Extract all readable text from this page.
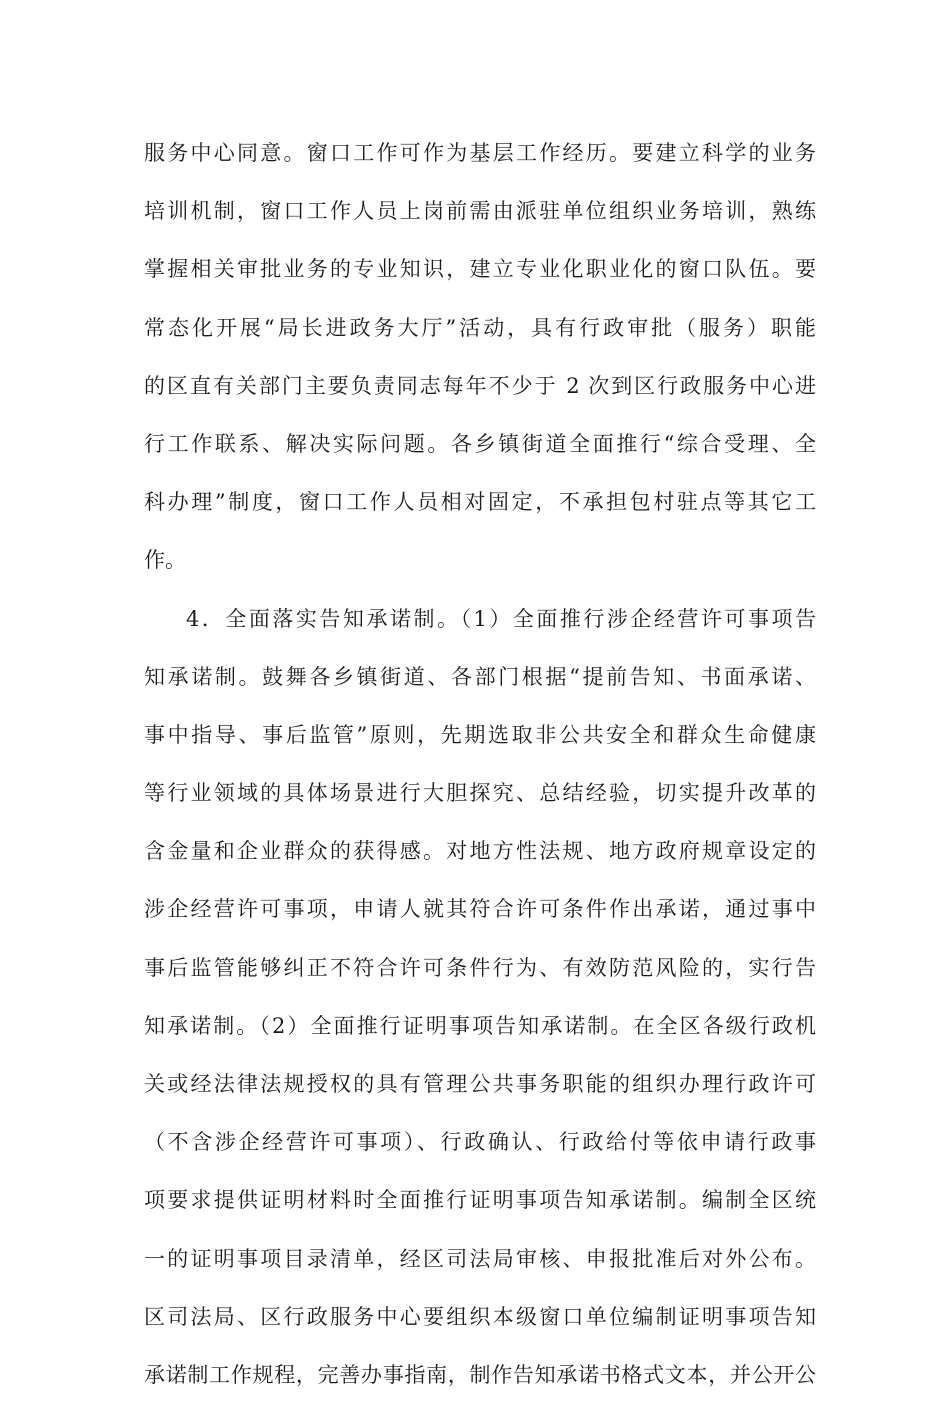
服务中心同意。窗口工作可作为基层工作经历。要建立科学的业务
培训机制，窗口工作人员上岗前需由派驻单位组织业务培训，熟练
掌握相关审批业务的专业知识，建立专业化职业化的窗口队伍。要
常态化开展“局长进政务大厅”活动，具有行政审批（服务）职能
的区直有关部门主要负责同志每年不少于 2 次到区行政服务中心进
行工作联系、解决实际问题。各乡镇街道全面推行“综合受理、全
科办理”制度，窗口工作人员相对固定，不承担包村驻点等其它工
作。
4．全面落实告知承诺制。（1）全面推行涉企经营许可事项告
知承诺制。鼓舞各乡镇街道、各部门根据“提前告知、书面承诺、
事中指导、事后监管”原则，先期选取非公共安全和群众生命健康
等行业领域的具体场景进行大胆探究、总结经验，切实提升改革的
含金量和企业群众的获得感。对地方性法规、地方政府规章设定的
涉企经营许可事项，申请人就其符合许可条件作出承诺，通过事中
事后监管能够纠正不符合许可条件行为、有效防范风险的，实行告
知承诺制。（2）全面推行证明事项告知承诺制。在全区各级行政机
关或经法律法规授权的具有管理公共事务职能的组织办理行政许可
（不含涉企经营许可事项）、行政确认、行政给付等依申请行政事
项要求提供证明材料时全面推行证明事项告知承诺制。编制全区统
一的证明事项目录清单，经区司法局审核、申报批准后对外公布。
区司法局、区行政服务中心要组织本级窗口单位编制证明事项告知
承诺制工作规程，完善办事指南，制作告知承诺书格式文本，并公开公
